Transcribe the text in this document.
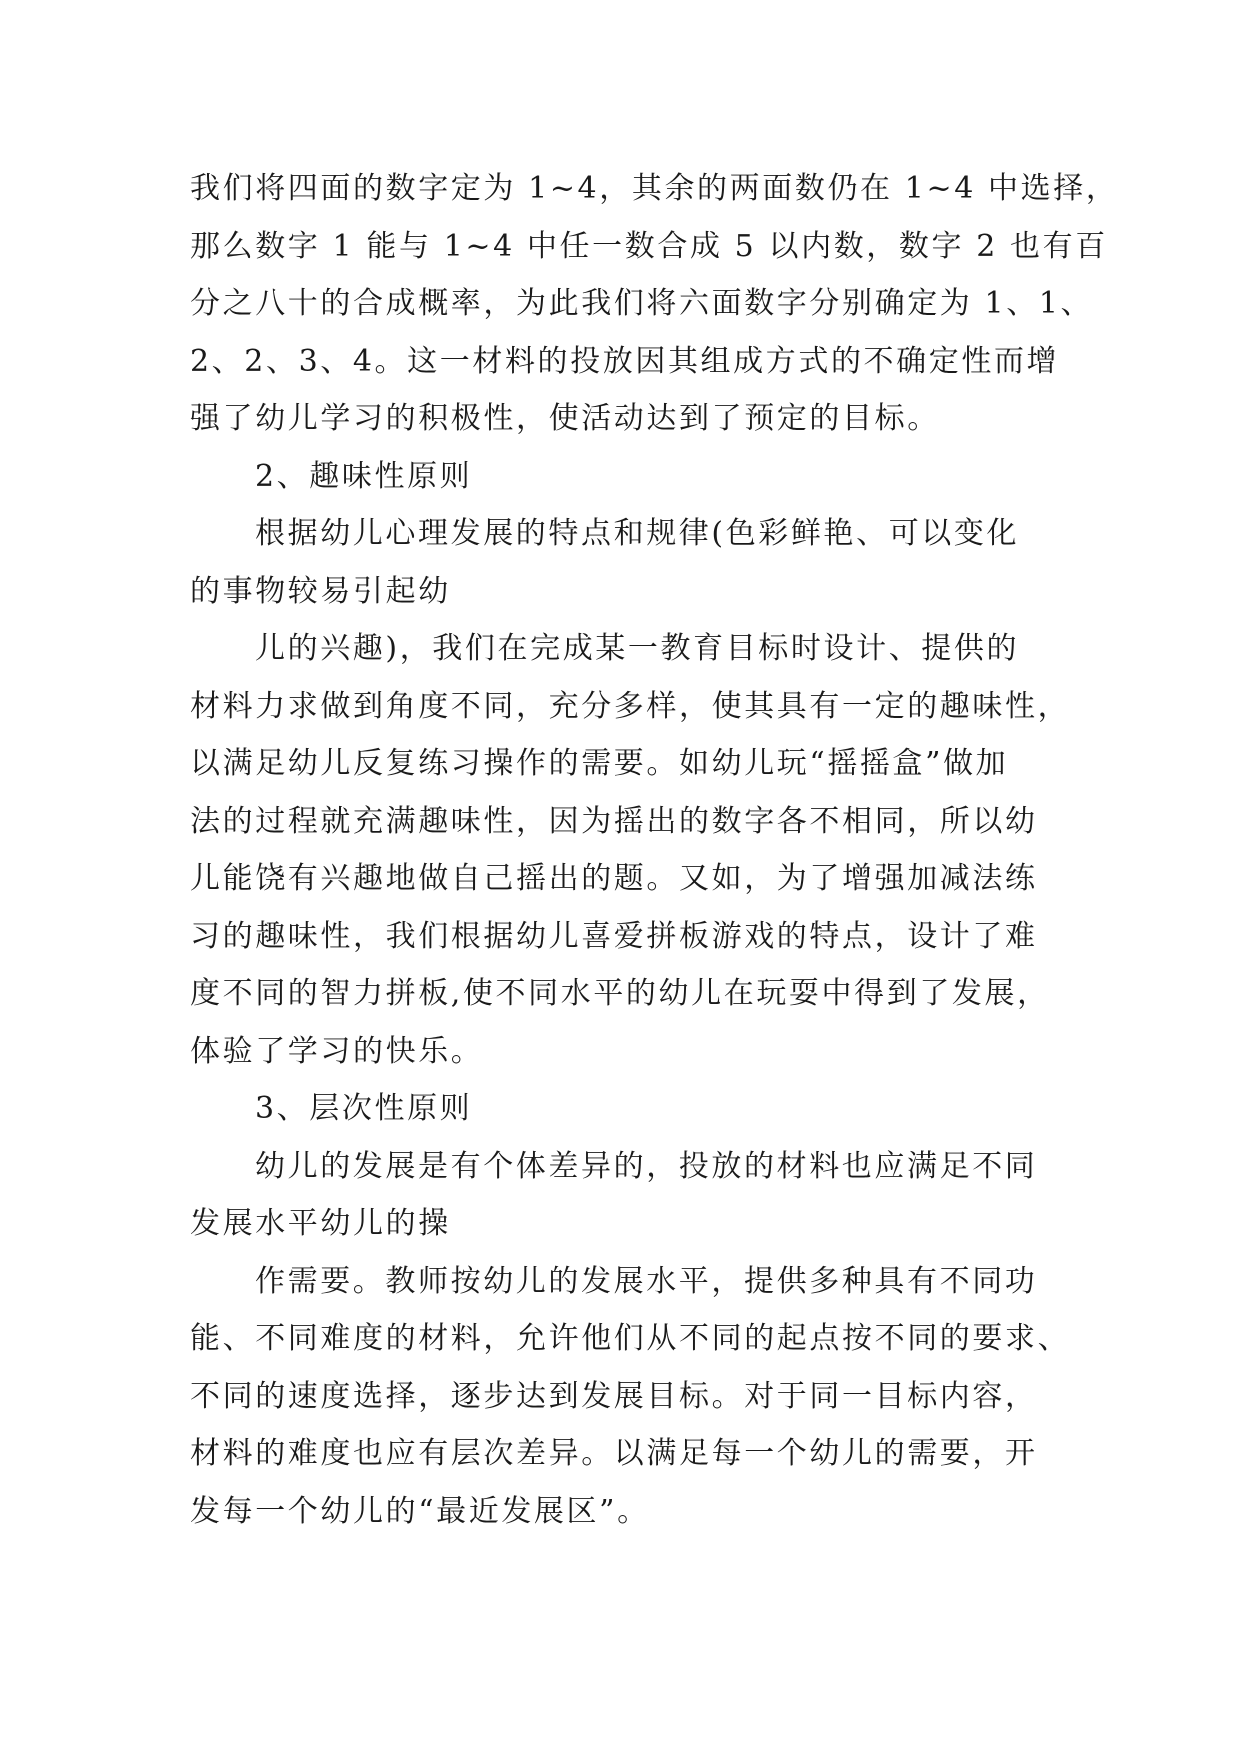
我们将四面的数字定为 1~4，其余的两面数仍在 1~4 中选择，
那么数字 1 能与 1~4 中任一数合成 5 以内数，数字 2 也有百
分之八十的合成概率，为此我们将六面数字分别确定为 1、1、
2、2、3、4。这一材料的投放因其组成方式的不确定性而增
强了幼儿学习的积极性，使活动达到了预定的目标。
2、趣味性原则
根据幼儿心理发展的特点和规律(色彩鲜艳、可以变化
的事物较易引起幼
儿的兴趣)，我们在完成某一教育目标时设计、提供的
材料力求做到角度不同，充分多样，使其具有一定的趣味性，
以满足幼儿反复练习操作的需要。如幼儿玩“摇摇盒”做加
法的过程就充满趣味性，因为摇出的数字各不相同，所以幼
儿能饶有兴趣地做自己摇出的题。又如，为了增强加减法练
习的趣味性，我们根据幼儿喜爱拼板游戏的特点，设计了难
度不同的智力拼板,使不同水平的幼儿在玩耍中得到了发展，
体验了学习的快乐。
3、层次性原则
幼儿的发展是有个体差异的，投放的材料也应满足不同
发展水平幼儿的操
作需要。教师按幼儿的发展水平，提供多种具有不同功
能、不同难度的材料，允许他们从不同的起点按不同的要求、
不同的速度选择，逐步达到发展目标。对于同一目标内容，
材料的难度也应有层次差异。以满足每一个幼儿的需要，开
发每一个幼儿的“最近发展区”。
